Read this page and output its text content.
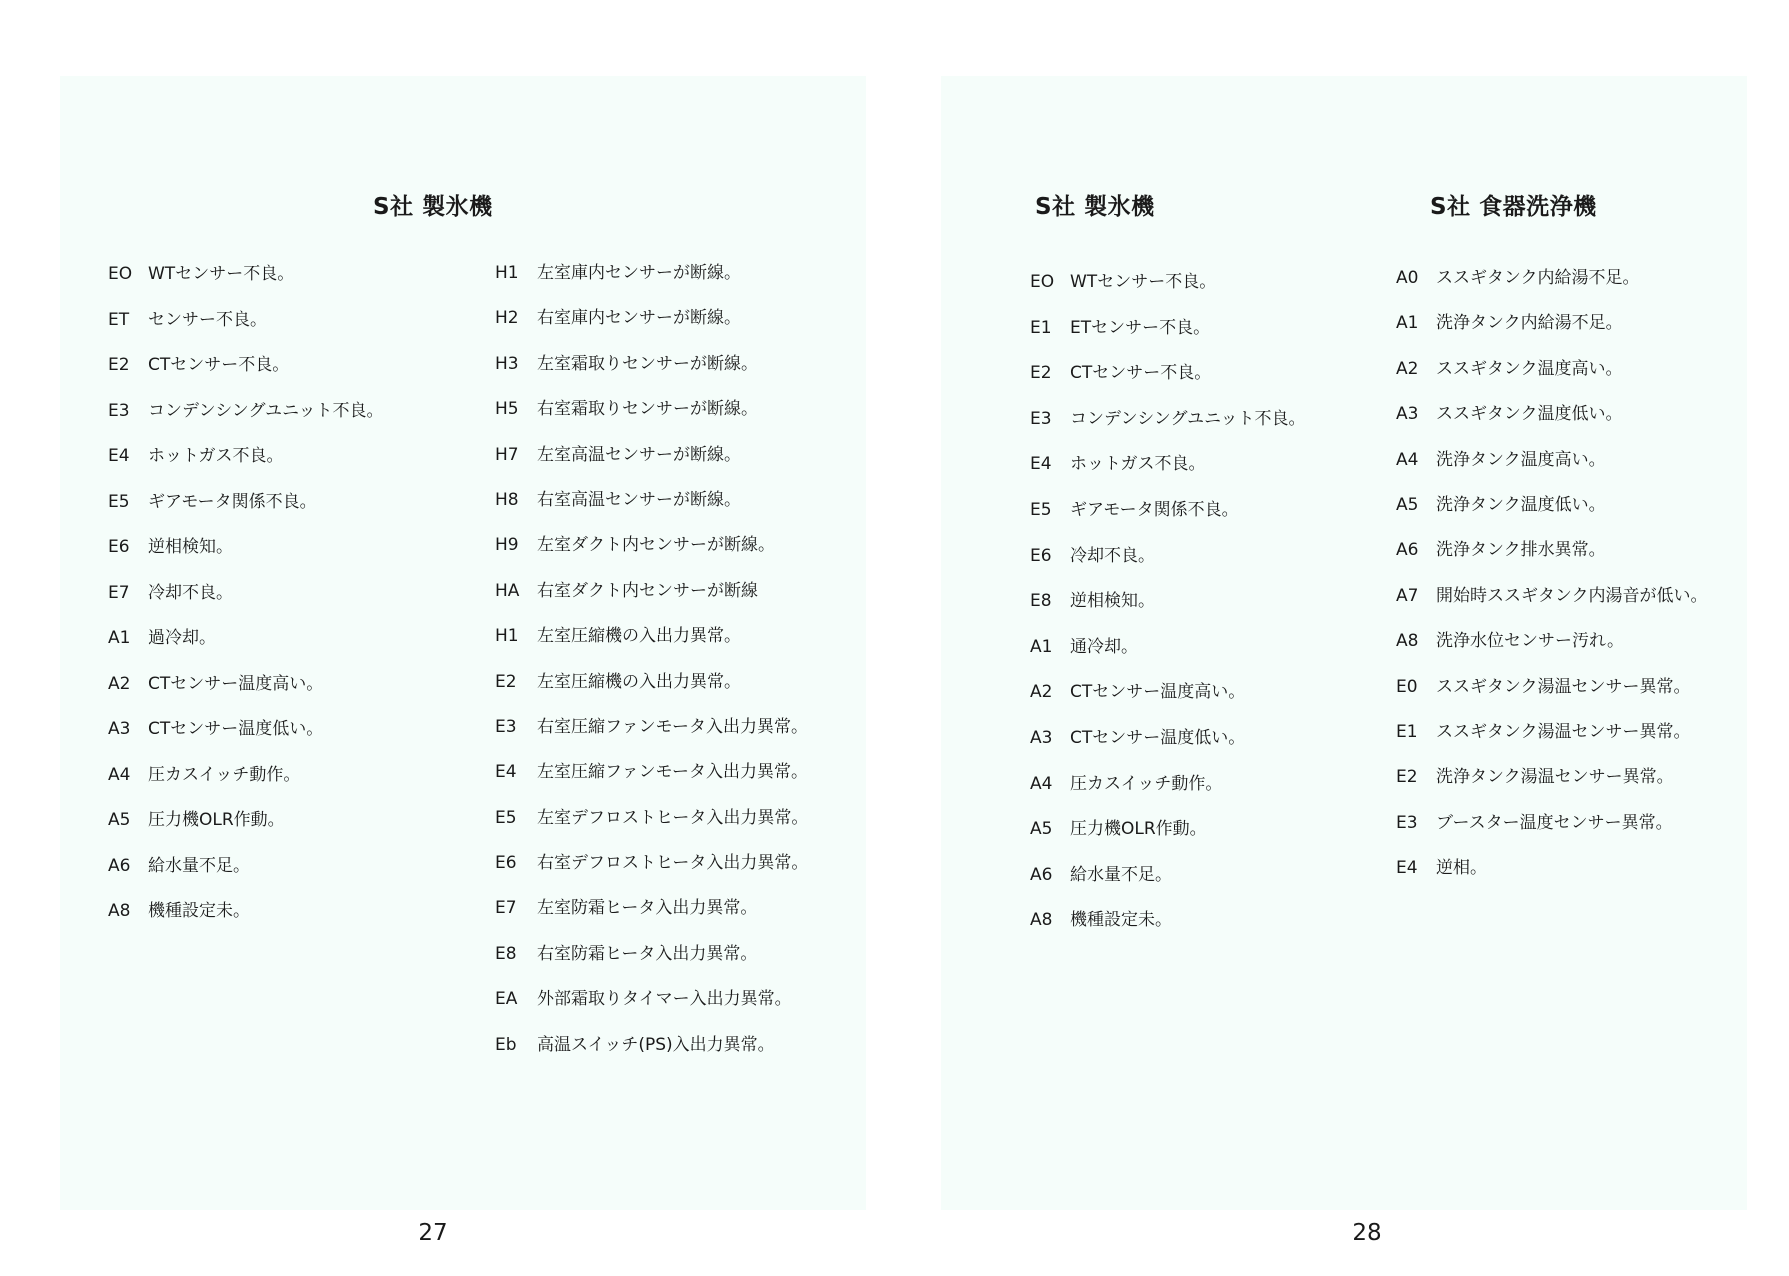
S社 製氷機
EO WTセンサー不良。
ET	センサー不良。
E2	CTセンサー不良。
E3	コンデンシングユニット不良。
E4	ホットガス不良。
E5	ギアモータ関係不良。
E6	逆相検知。
E7	冷却不良。
A1	過冷却。
A2	CTセンサー温度高い。
A3	CTセンサー温度低い。
A4	圧カスイッチ動作。
A5	圧力機OLR作動。
A6	給水量不足。
A8	機種設定未。
H1	左室庫内センサーが断線。
H2	右室庫内センサーが断線。
H3	左室霜取りセンサーが断線。
H5	右室霜取りセンサーが断線。
H7	左室高温センサーが断線。
H8	右室高温センサーが断線。
H9	左室ダクト内センサーが断線。
HA	右室ダクト内センサーが断線
H1	左室圧縮機の入出力異常。
E2	左室圧縮機の入出力異常。
E3	右室圧縮ファンモータ入出力異常。
E4	左室圧縮ファンモータ入出力異常。
E5	左室デフロストヒータ入出力異常。
E6	右室デフロストヒータ入出力異常。
E7	左室防霜ヒータ入出力異常。
E8	右室防霜ヒータ入出力異常。
EA	外部霜取りタイマー入出力異常。
Eb	高温スイッチ(PS)入出力異常。
S社 製氷機	S社 食器洗浄機
EO WTセンサー不良。
E1	ETセンサー不良。
E2	CTセンサー不良。
E3	コンデンシングユニット不良。
E4	ホットガス不良。
E5	ギアモータ関係不良。
E6	冷却不良。
E8	逆相検知。
A1	通冷却。
A2	CTセンサー温度高い。
A3	CTセンサー温度低い。
A4	圧カスイッチ動作。
A5	圧力機OLR作動。
A6	給水量不足。
A8	機種設定未。
A0	ススギタンク内給湯不足。
A1	洗浄タンク内給湯不足。
A2	ススギタンク温度高い。
A3	ススギタンク温度低い。
A4	洗浄タンク温度高い。
A5	洗浄タンク温度低い。
A6	洗浄タンク排水異常。
A7	開始時ススギタンク内湯音が低い。
A8	洗浄水位センサー汚れ。
E0	ススギタンク湯温センサー異常。
E1	ススギタンク湯温センサー異常。
E2	洗浄タンク湯温センサー異常。
E3	ブースター温度センサー異常。
E4	逆相。
27	28
